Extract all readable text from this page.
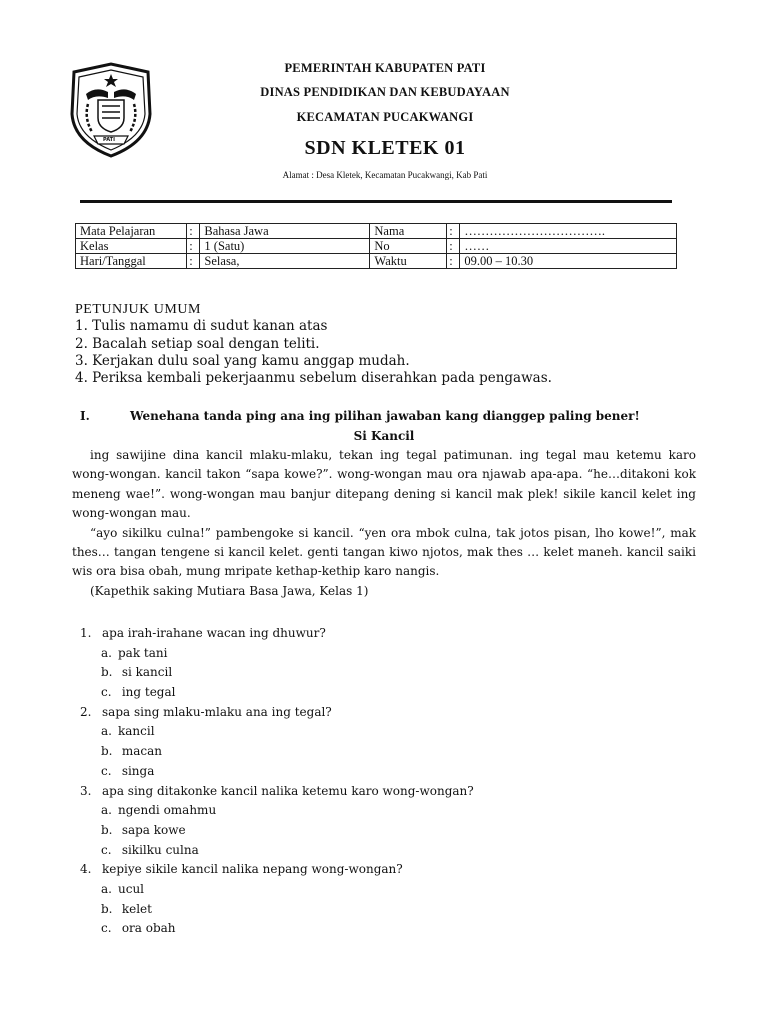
PATI
PEMERINTAH KABUPATEN PATI
DINAS PENDIDIKAN DAN KEBUDAYAAN
KECAMATAN PUCAKWANGI
SDN KLETEK 01
Alamat : Desa Kletek, Kecamatan Pucakwangi, Kab Pati
Mata Pelajaran	:	Bahasa Jawa	Nama	:	…………………………….
Kelas	:	1 (Satu)	No	:	……
Hari/Tanggal	:	Selasa,	Waktu	:	09.00 – 10.30
PETUNJUK UMUM
1. Tulis namamu di sudut kanan atas
2. Bacalah setiap soal dengan teliti.
3. Kerjakan dulu soal yang kamu anggap mudah.
4. Periksa kembali pekerjaanmu sebelum diserahkan pada pengawas.
I.	Wenehana tanda ping ana ing pilihan jawaban kang dianggep paling bener!
Si Kancil

ing sawijine dina kancil mlaku-mlaku, tekan ing tegal patimunan. ing tegal mau ketemu karo wong-wongan. kancil takon “sapa kowe?”. wong-wongan mau ora njawab apa-apa. “he…ditakoni kok meneng wae!”. wong-wongan mau banjur ditepang dening si kancil mak plek! sikile kancil kelet ing wong-wongan mau.

“ayo sikilku culna!” pambengoke si kancil. “yen ora mbok culna, tak jotos pisan, lho kowe!”, mak thes… tangan tengene si kancil kelet. genti tangan kiwo njotos, mak thes … kelet maneh. kancil saiki wis ora bisa obah, mung mripate kethap-kethip karo nangis.

(Kapethik saking Mutiara Basa Jawa, Kelas 1)
1. apa irah-irahane wacan ing dhuwur?
a. pak tani
b. si kancil
c. ing tegal
2. sapa sing mlaku-mlaku ana ing tegal?
a. kancil
b. macan
c. singa
3. apa sing ditakonke kancil nalika ketemu karo wong-wongan?
a. ngendi omahmu
b. sapa kowe
c. sikilku culna
4. kepiye sikile kancil nalika nepang wong-wongan?
a. ucul
b. kelet
c. ora obah
